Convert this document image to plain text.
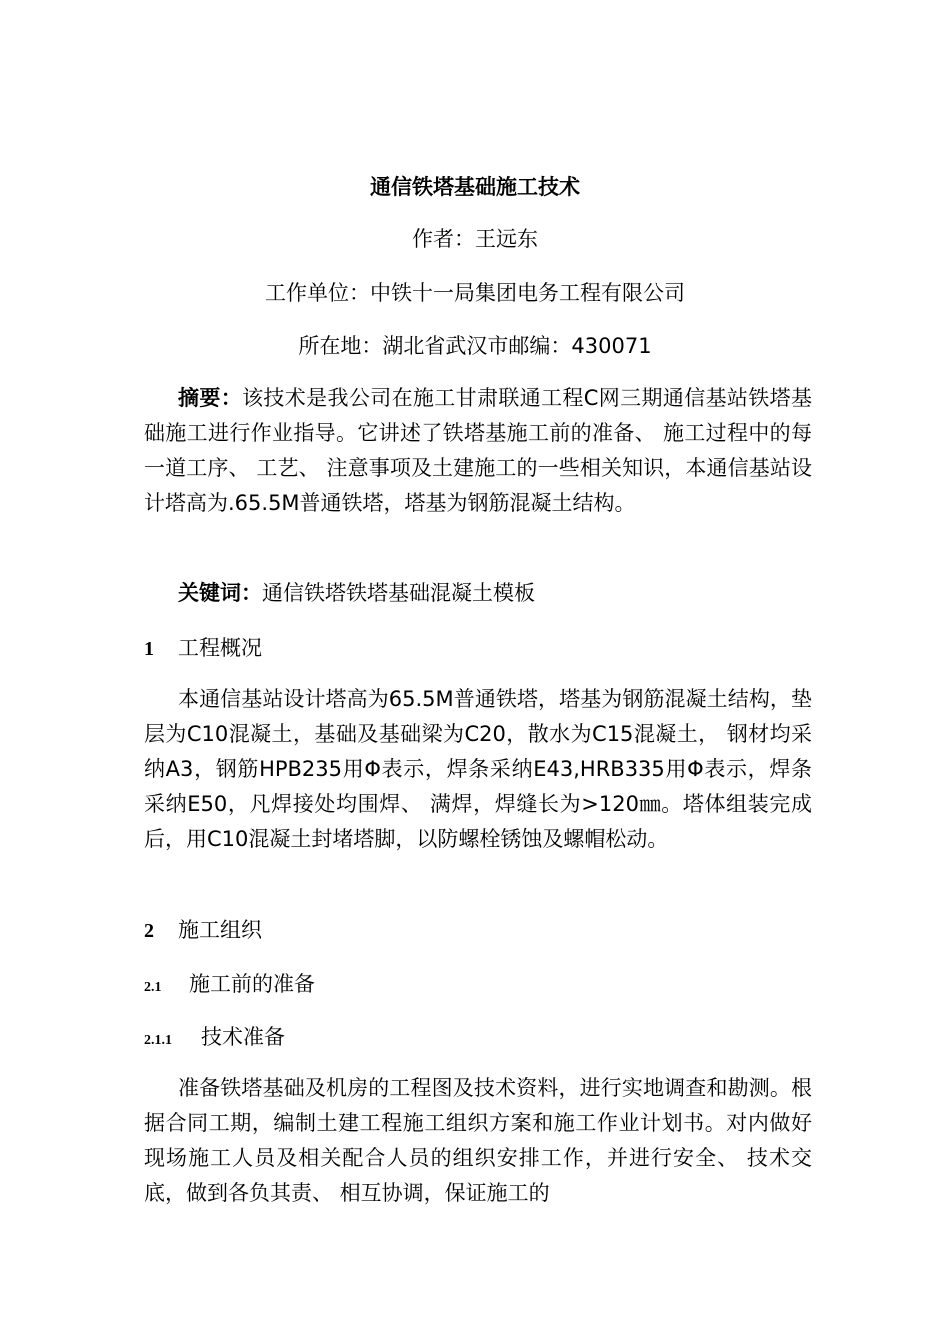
通信铁塔基础施工技术
作者：王远东
工作单位：中铁十一局集团电务工程有限公司
所在地：湖北省武汉市邮编：430071
摘要：该技术是我公司在施工甘肃联通工程C网三期通信基站铁塔基础施工进行作业指导。它讲述了铁塔基施工前的准备、 施工过程中的每一道工序、 工艺、 注意事项及土建施工的一些相关知识，本通信基站设计塔高为.65.5M普通铁塔，塔基为钢筋混凝土结构。
关键词：通信铁塔铁塔基础混凝土模板
1 工程概况
本通信基站设计塔高为65.5M普通铁塔，塔基为钢筋混凝土结构，垫层为C10混凝土，基础及基础梁为C20，散水为C15混凝土， 钢材均采纳A3，钢筋HPB235用Φ表示，焊条采纳E43,HRB335用Φ表示，焊条采纳E50，凡焊接处均围焊、 满焊，焊缝长为>120㎜。塔体组装完成后，用C10混凝土封堵塔脚，以防螺栓锈蚀及螺帽松动。
2 施工组织
2.1 施工前的准备
2.1.1 技术准备
准备铁塔基础及机房的工程图及技术资料，进行实地调查和勘测。根据合同工期，编制土建工程施工组织方案和施工作业计划书。对内做好现场施工人员及相关配合人员的组织安排工作，并进行安全、 技术交底，做到各负其责、 相互协调，保证施工的
